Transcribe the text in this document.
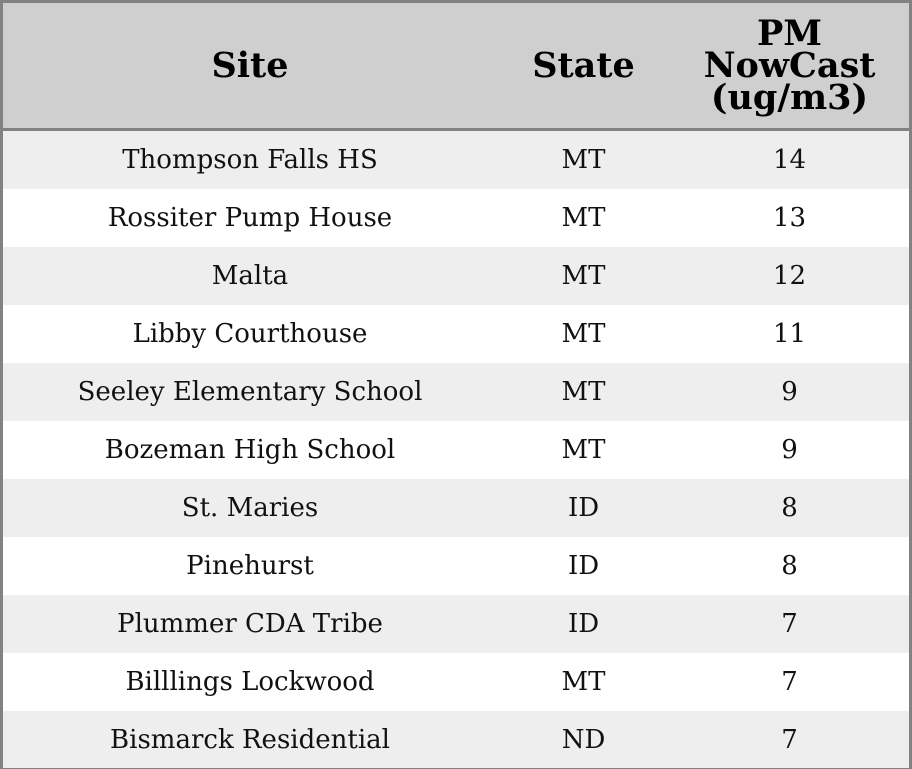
Site	State	PM
NowCast
(ug/m3)

Thompson Falls HS	MT	14
Rossiter Pump House	MT	13
Malta	MT	12
Libby Courthouse	MT	11
Seeley Elementary School	MT	9
Bozeman High School	MT	9
St. Maries	ID	8
Pinehurst	ID	8
Plummer CDA Tribe	ID	7
Billlings Lockwood	MT	7
Bismarck Residential	ND	7
